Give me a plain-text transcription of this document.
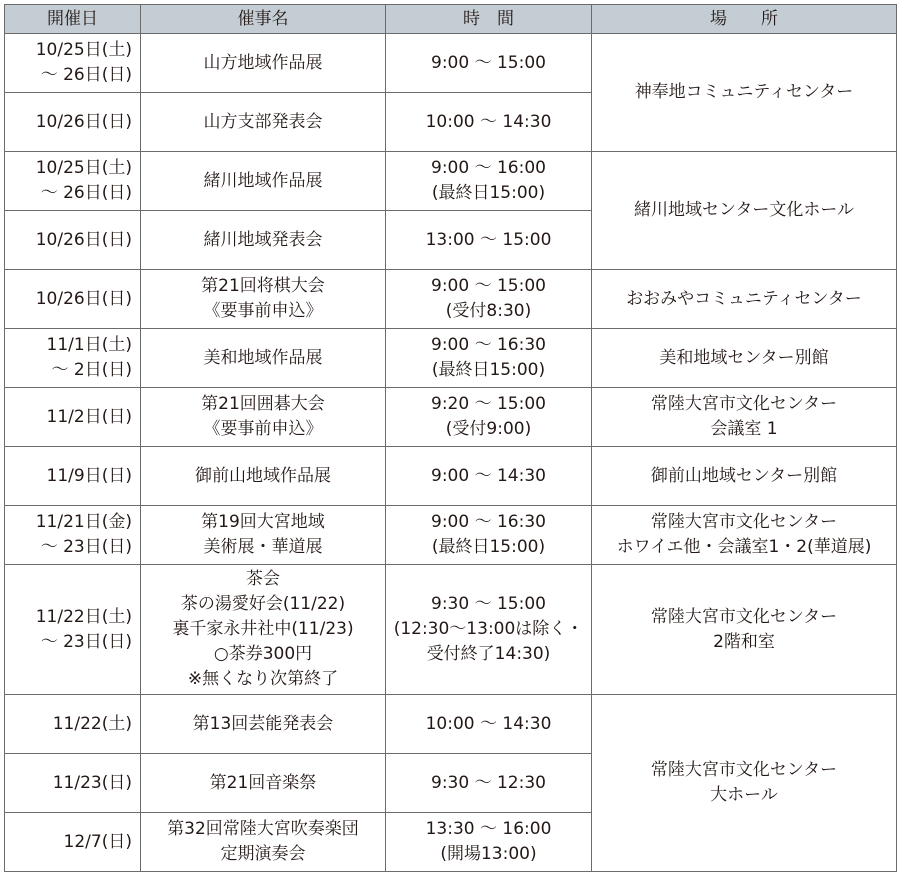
開催日	催事名	時　間	場　　所

10/25日(土)
～ 26日(日)	山方地域作品展	9:00 ～ 15:00	神奉地コミュニティセンター

10/26日(日)	山方支部発表会	10:00 ～ 14:30	

10/25日(土)
～ 26日(日)	緒川地域作品展	9:00 ～ 16:00
(最終日15:00)	緒川地域センター文化ホール

10/26日(日)	緒川地域発表会	13:00 ～ 15:00	

10/26日(日)	第21回将棋大会
《要事前申込》	9:00 ～ 15:00
(受付8:30)	おおみやコミュニティセンター

11/1日(土)
～ 2日(日)	美和地域作品展	9:00 ～ 16:30
(最終日15:00)	美和地域センター別館

11/2日(日)	第21回囲碁大会
《要事前申込》	9:20 ～ 15:00
(受付9:00)	常陸大宮市文化センター
会議室 1

11/9日(日)	御前山地域作品展	9:00 ～ 14:30	御前山地域センター別館

11/21日(金)
～ 23日(日)	第19回大宮地域
美術展・華道展	9:00 ～ 16:30
(最終日15:00)	常陸大宮市文化センター
ホワイエ他・会議室1・2(華道展)

11/22日(土)
～ 23日(日)	茶会
茶の湯愛好会(11/22)
裏千家永井社中(11/23)
○茶券300円
※無くなり次第終了	9:30 ～ 15:00
(12:30～13:00は除く・
受付終了14:30)	常陸大宮市文化センター
2階和室

11/22(土)	第13回芸能発表会	10:00 ～ 14:30	常陸大宮市文化センター
大ホール

11/23(日)	第21回音楽祭	9:30 ～ 12:30	

12/7(日)	第32回常陸大宮吹奏楽団
定期演奏会	13:30 ～ 16:00
(開場13:00)	
